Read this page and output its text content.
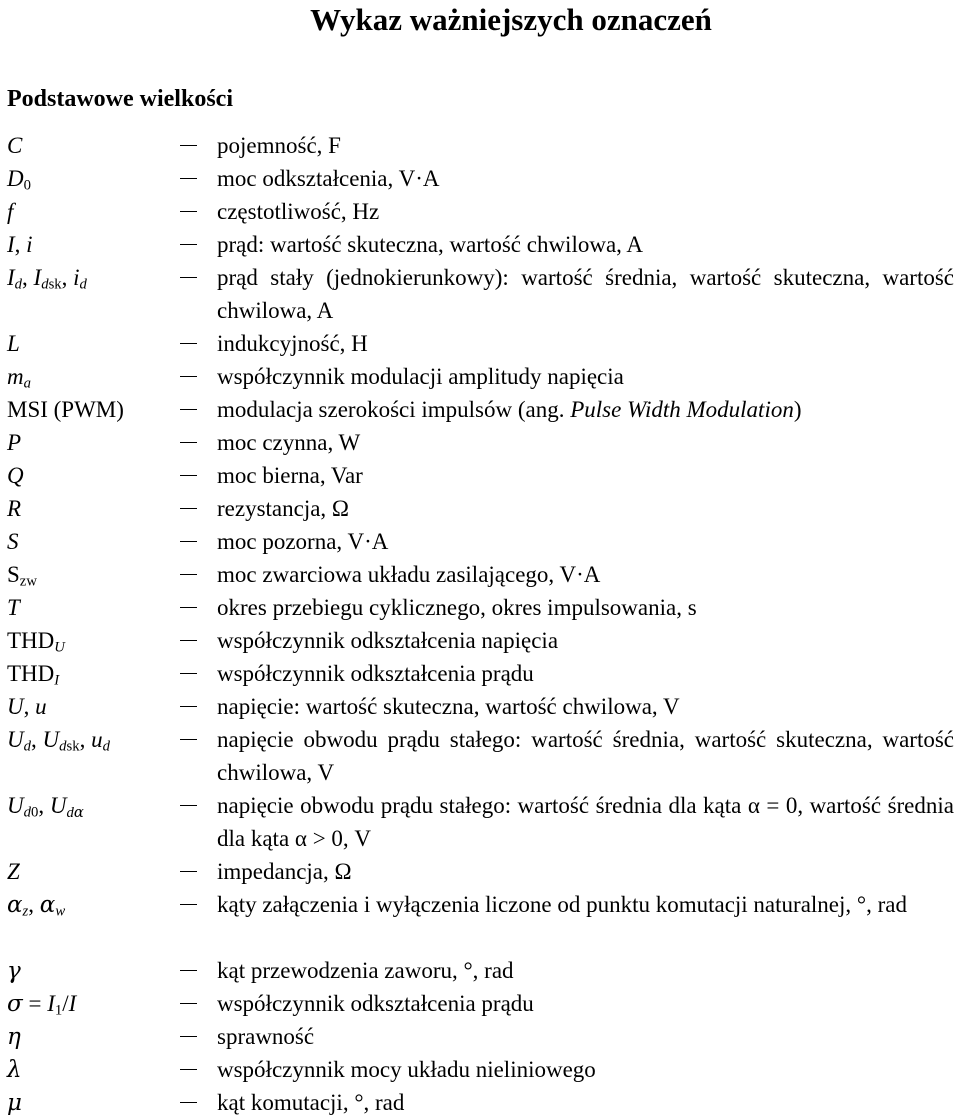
Wykaz ważniejszych oznaczeń
Podstawowe wielkości
C	pojemność, F
$D_0$	moc odkształcenia, V·A
f	częstotliwość, Hz
I, i	prąd: wartość skuteczna, wartość chwilowa, A
$I_d$, $I_{dsk}$, $i_d$	prąd stały (jednokierunkowy): wartość średnia, wartość skuteczna, wartość chwilowa, A
L	indukcyjność, H
$m_a$	współczynnik modulacji amplitudy napięcia
MSI (PWM)	modulacja szerokości impulsów (ang. Pulse Width Modulation)
P	moc czynna, W
Q	moc bierna, Var
R	rezystancja, Ω
S	moc pozorna, V·A
$S_{zw}$	moc zwarciowa układu zasilającego, V·A
T	okres przebiegu cyklicznego, okres impulsowania, s
$THD_U$	współczynnik odkształcenia napięcia
$THD_I$	współczynnik odkształcenia prądu
U, u	napięcie: wartość skuteczna, wartość chwilowa, V
$U_d$, $U_{dsk}$, $u_d$	napięcie obwodu prądu stałego: wartość średnia, wartość skuteczna, wartość chwilowa, V
$U_{d0}$, $U_{d\alpha}$	napięcie obwodu prądu stałego: wartość średnia dla kąta α = 0, wartość średnia dla kąta α > 0, V
Z	impedancja, Ω
$\alpha_z$, $\alpha_w$	kąty załączenia i wyłączenia liczone od punktu komutacji naturalnej, °, rad
γ	kąt przewodzenia zaworu, °, rad
$\sigma = I_1/I$	współczynnik odkształcenia prądu
η	sprawność
λ	współczynnik mocy układu nieliniowego
μ	kąt komutacji, °, rad
